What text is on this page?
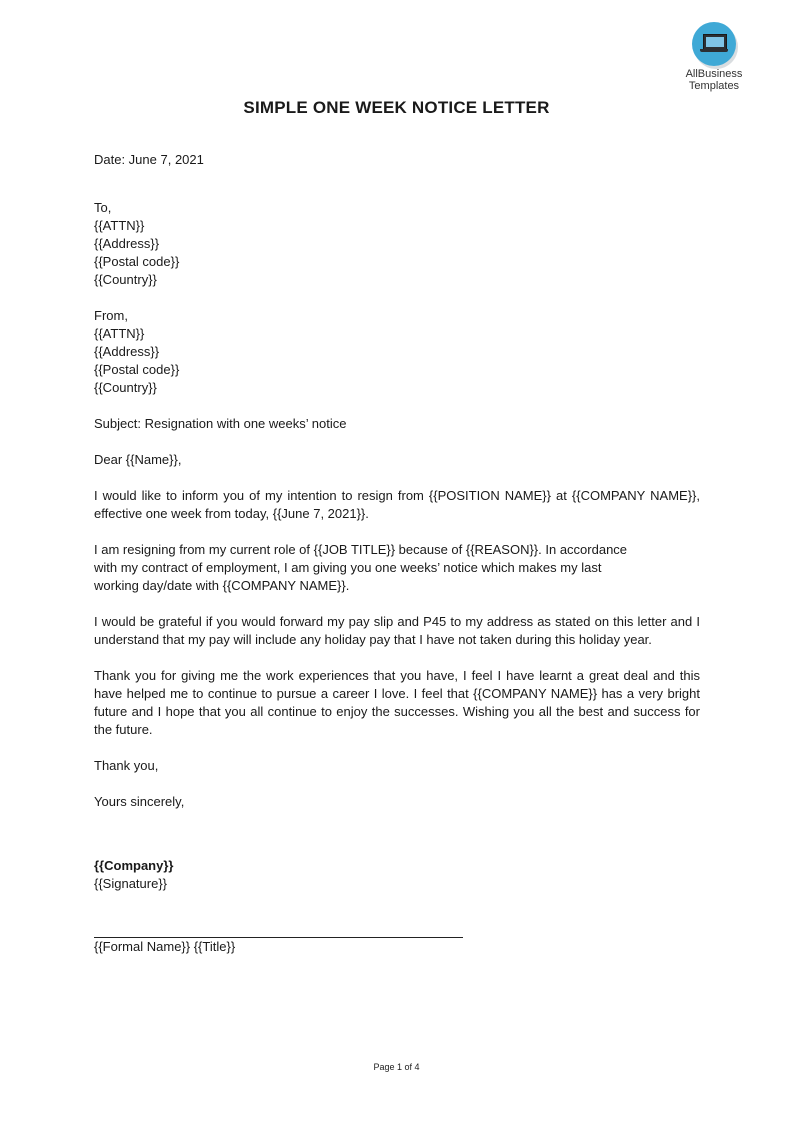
AllBusiness
Templates
SIMPLE ONE WEEK NOTICE LETTER

Date: June 7, 2021

To,

{{ATTN}}

{{Address}}

{{Postal code}}

{{Country}}

From,

{{ATTN}}

{{Address}}

{{Postal code}}

{{Country}}

Subject: Resignation with one weeks’ notice

Dear {{Name}},

I would like to inform you of my intention to resign from {{POSITION NAME}} at {{COMPANY NAME}}, effective one week from today, {{June 7, 2021}}.

I am resigning from my current role of {{JOB TITLE}} because of {{REASON}}. In accordance

with my contract of employment, I am giving you one weeks’ notice which makes my last

working day/date with {{COMPANY NAME}}.

I would be grateful if you would forward my pay slip and P45 to my address as stated on this letter and I understand that my pay will include any holiday pay that I have not taken during this holiday year.

Thank you for giving me the work experiences that you have, I feel I have learnt a great deal and this have helped me to continue to pursue a career I love. I feel that {{COMPANY NAME}} has a very bright future and I hope that you all continue to enjoy the successes. Wishing you all the best and success for the future.

Thank you,

Yours sincerely,

{{Company}}

{{Signature}}

{{Formal Name}} {{Title}}

Page 1 of 4
